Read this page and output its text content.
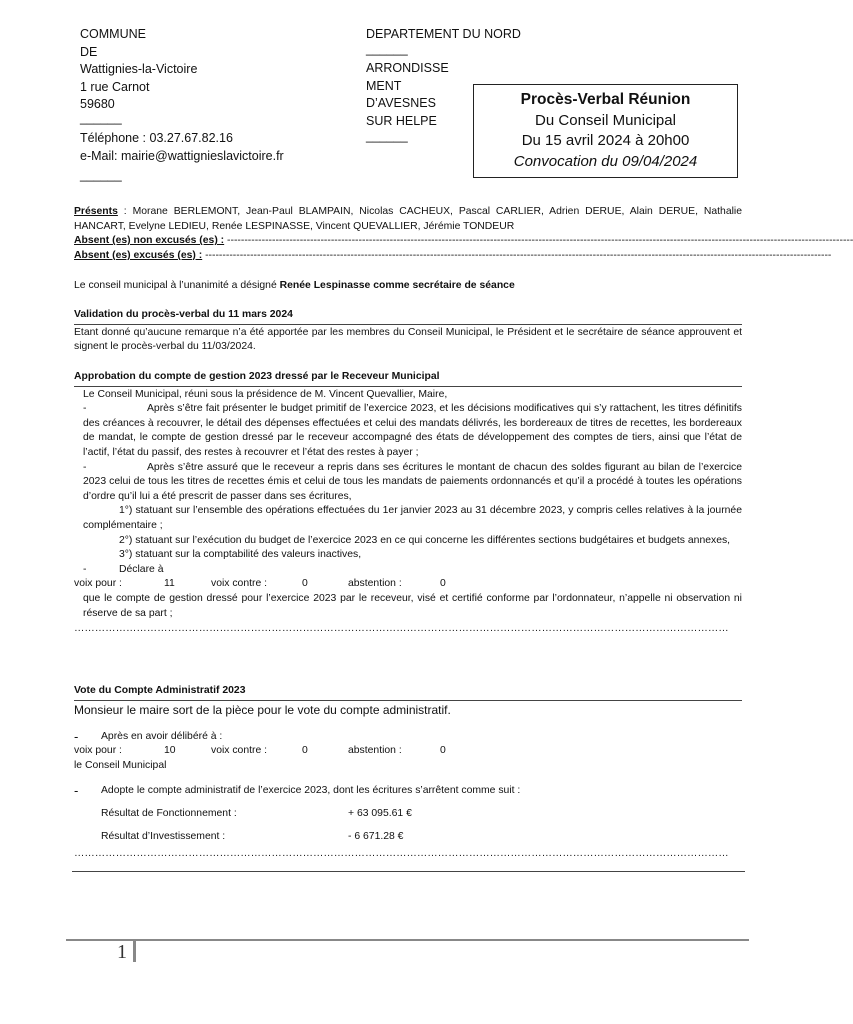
COMMUNE
DE
Wattignies-la-Victoire
1 rue Carnot
59680
______
Téléphone : 03.27.67.82.16
e-Mail: mairie@wattignieslavictoire.fr
______
DEPARTEMENT DU NORD
______
ARRONDISSE
MENT
D’AVESNES
SUR HELPE
______
Procès-Verbal Réunion
Du Conseil Municipal
Du 15 avril 2024 à 20h00
Convocation du 09/04/2024
Présents : Morane BERLEMONT, Jean-Paul BLAMPAIN, Nicolas CACHEUX, Pascal CARLIER, Adrien DERUE, Alain DERUE, Nathalie HANCART, Evelyne LEDIEU, Renée LESPINASSE, Vincent QUEVALLIER, Jérémie TONDEUR
Absent (es) non excusés (es) : -------------------------------------------------------------------------------------------------------------------------------------------------------------------------------------
Absent (es) excusés (es) : -------------------------------------------------------------------------------------------------------------------------------------------------------------------------------------
Le conseil municipal à l’unanimité a désigné Renée Lespinasse comme secrétaire de séance
Validation du procès-verbal du 11 mars 2024
Etant donné qu’aucune remarque n’a été apportée par les membres du Conseil Municipal, le Président et le secrétaire de séance approuvent et signent le procès-verbal du 11/03/2024.
Approbation du compte de gestion 2023 dressé par le Receveur Municipal
Le Conseil Municipal, réuni sous la présidence de M. Vincent Quevallier, Maire,
-	Après s’être fait présenter le budget primitif de l’exercice 2023, et les décisions modificatives qui s’y rattachent, les titres définitifs des créances à recouvrer, le détail des dépenses effectuées et celui des mandats délivrés, les bordereaux de titres de recettes, les bordereaux de mandat, le compte de gestion dressé par le receveur accompagné des états de développement des comptes de tiers, ainsi que l’état de l’actif, l’état du passif, des restes à recouvrer et l’état des restes à payer ;
-	Après s’être assuré que le receveur a repris dans ses écritures le montant de chacun des soldes figurant au bilan de l’exercice 2023 celui de tous les titres de recettes émis et celui de tous les mandats de paiements ordonnancés et qu’il a procédé à toutes les opérations d’ordre qu’il lui a été prescrit de passer dans ses écritures,
1°) statuant sur l’ensemble des opérations effectuées du 1er janvier 2023 au 31 décembre 2023, y compris celles relatives à la journée complémentaire ;
2°) statuant sur l’exécution du budget de l’exercice 2023 en ce qui concerne les différentes sections budgétaires et budgets annexes,
3°) statuant sur la comptabilité des valeurs inactives,
-	Déclare à
voix pour :	11	voix contre :	0	abstention :	0
que le compte de gestion dressé pour l’exercice 2023 par le receveur, visé et certifié conforme par l’ordonnateur, n’appelle ni observation ni réserve de sa part ;
………………………………………………………………………………………………………………………………………………………………………
Vote du Compte Administratif 2023
Monsieur le maire sort de la pièce pour le vote du compte administratif.
- Après en avoir délibéré à :
voix pour :	10	voix contre :	0	abstention :	0
le Conseil Municipal
- Adopte le compte administratif de l’exercice 2023, dont les écritures s’arrêtent comme suit :
Résultat de Fonctionnement :	+ 63 095.61 €
Résultat d’Investissement :	- 6 671.28 €
………………………………………………………………………………………………………………………………………………………………………
1
